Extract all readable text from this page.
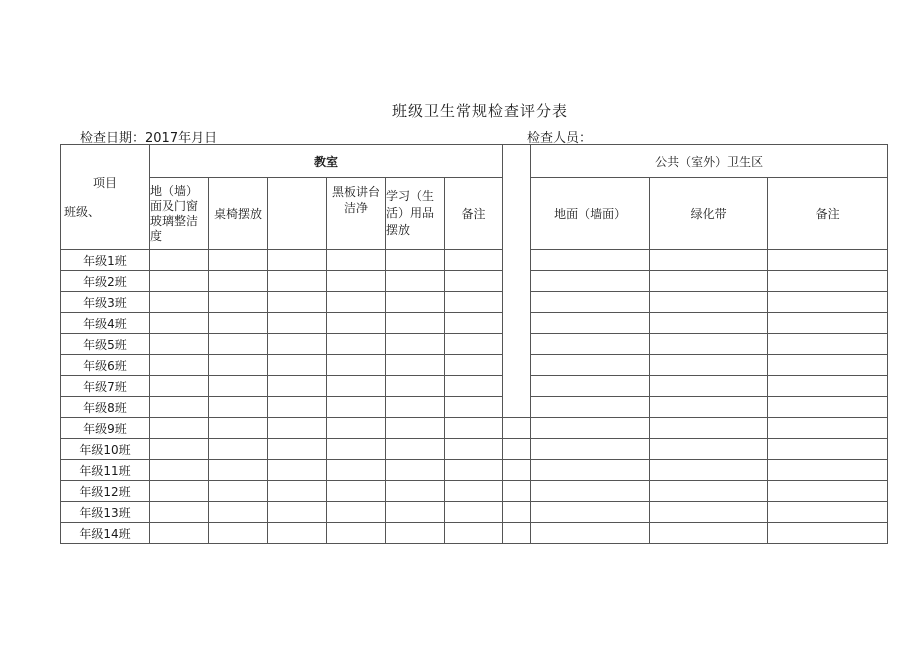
班级卫生常规检查评分表
检查日期：2017年月日	检查人员：
项目
班级、	教室							公共（室外）卫生区		
	地（墙）面及门窗玻璃整洁度	桌椅摆放		黑板讲台洁净	学习（生活）用品摆放	备注		地面（墙面）	绿化带	备注
年级1班										
年级2班										
年级3班										
年级4班										
年级5班										
年级6班										
年级7班										
年级8班										
年级9班										
年级10班										
年级11班										
年级12班										
年级13班										
年级14班										
